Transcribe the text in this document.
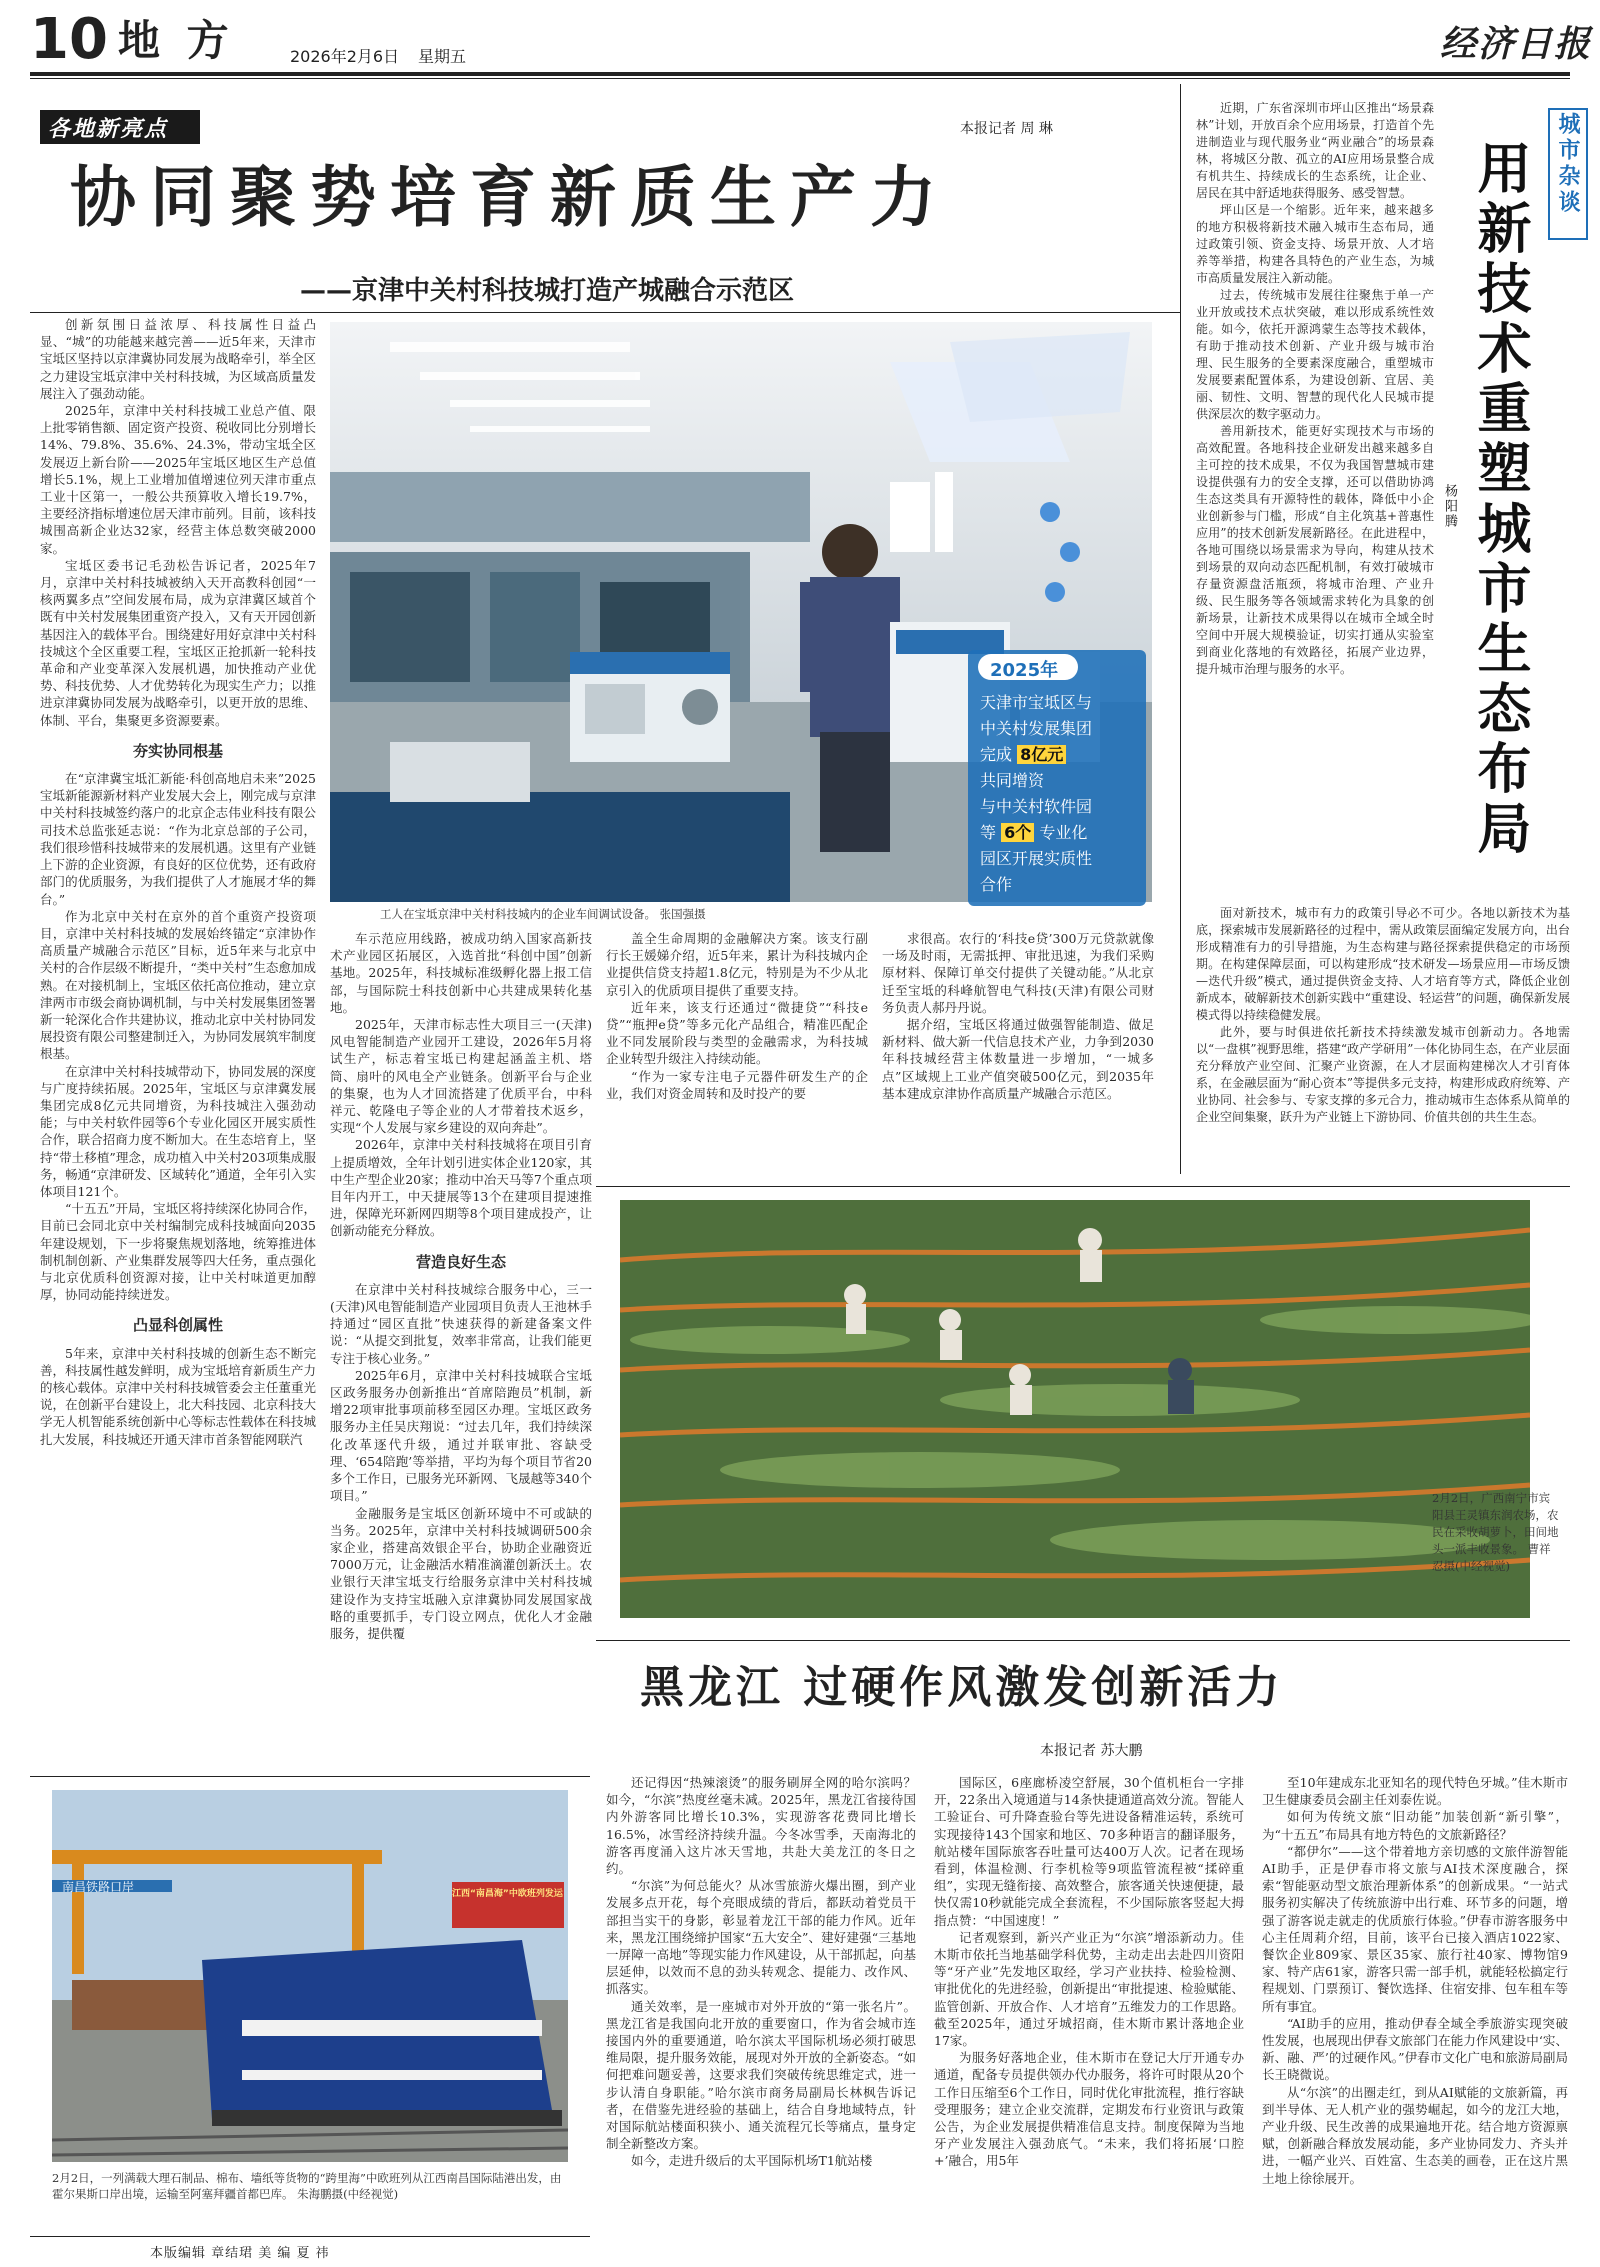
10 地 方	2026年2月6日 星期五	经济日报
各地新亮点	本报记者 周 琳
协同聚势培育新质生产力
——京津中关村科技城打造产城融合示范区

创新氛围日益浓厚、科技属性日益凸显、“城”的功能越来越完善——近5年来，天津市宝坻区坚持以京津冀协同发展为战略牵引，举全区之力建设宝坻京津中关村科技城，为区域高质量发展注入了强劲动能。

2025年，京津中关村科技城工业总产值、限上批零销售额、固定资产投资、税收同比分别增长14%、79.8%、35.6%、24.3%，带动宝坻全区发展迈上新台阶——2025年宝坻区地区生产总值增长5.1%，规上工业增加值增速位列天津市重点工业十区第一，一般公共预算收入增长19.7%，主要经济指标增速位居天津市前列。目前，该科技城围高新企业达32家，经营主体总数突破2000家。

宝坻区委书记毛劲松告诉记者，2025年7月，京津中关村科技城被纳入天开高教科创园“一核两翼多点”空间发展布局，成为京津冀区域首个既有中关村发展集团重资产投入，又有天开园创新基因注入的载体平台。围绕建好用好京津中关村科技城这个全区重要工程，宝坻区正抢抓新一轮科技革命和产业变革深入发展机遇，加快推动产业优势、科技优势、人才优势转化为现实生产力；以推进京津冀协同发展为战略牵引，以更开放的思维、体制、平台，集聚更多资源要素。

夯实协同根基

在“京津冀宝坻汇新能·科创高地启未来”2025宝坻新能源新材料产业发展大会上，刚完成与京津中关村科技城签约落户的北京企志伟业科技有限公司技术总监张延志说：“作为北京总部的子公司，我们很珍惜科技城带来的发展机遇。这里有产业链上下游的企业资源，有良好的区位优势，还有政府部门的优质服务，为我们提供了人才施展才华的舞台。”

作为北京中关村在京外的首个重资产投资项目，京津中关村科技城的发展始终锚定“京津协作高质量产城融合示范区”目标，近5年来与北京中关村的合作层级不断提升，“类中关村”生态愈加成熟。在对接机制上，宝坻区依托高位推动，建立京津两市市级会商协调机制，与中关村发展集团签署新一轮深化合作共建协议，推动北京中关村协同发展投资有限公司整建制迁入，为协同发展筑牢制度根基。

在京津中关村科技城带动下，协同发展的深度与广度持续拓展。2025年，宝坻区与京津冀发展集团完成8亿元共同增资，为科技城注入强劲动能；与中关村软件园等6个专业化园区开展实质性合作，联合招商力度不断加大。在生态培育上，坚持“带土移植”理念，成功植入中关村203项集成服务，畅通“京津研发、区域转化”通道，全年引入实体项目121个。

“十五五”开局，宝坻区将持续深化协同合作，目前已会同北京中关村编制完成科技城面向2035年建设规划，下一步将聚焦规划落地，统筹推进体制机制创新、产业集群发展等四大任务，重点强化与北京优质科创资源对接，让中关村味道更加醇厚，协同动能持续迸发。

凸显科创属性

5年来，京津中关村科技城的创新生态不断完善，科技属性越发鲜明，成为宝坻培育新质生产力的核心载体。京津中关村科技城管委会主任董重光说，在创新平台建设上，北大科技园、北京科技大学无人机智能系统创新中心等标志性载体在科技城扎大发展，科技城还开通天津市首条智能网联汽

2025年
天津市宝坻区与
中关村发展集团
完成 8亿元
共同增资
与中关村软件园
等 6个 专业化
园区开展实质性
合作
工人在宝坻京津中关村科技城内的企业车间调试设备。 张国强摄

车示范应用线路，被成功纳入国家高新技术产业园区拓展区，入选首批“科创中国”创新基地。2025年，科技城标准级孵化器上报工信部，与国际院士科技创新中心共建成果转化基地。

2025年，天津市标志性大项目三一(天津)风电智能制造产业园开工建设，2026年5月将试生产，标志着宝坻已构建起涵盖主机、塔筒、扇叶的风电全产业链条。创新平台与企业的集聚，也为人才回流搭建了优质平台，中科祥元、乾隆电子等企业的人才带着技术返乡，实现“个人发展与家乡建设的双向奔赴”。

2026年，京津中关村科技城将在项目引育上提质增效，全年计划引进实体企业120家，其中生产型企业20家；推动中冶天马等7个重点项目年内开工，中天捷展等13个在建项目提速推进，保障光环新网四期等8个项目建成投产，让创新动能充分释放。

营造良好生态

在京津中关村科技城综合服务中心，三一(天津)风电智能制造产业园项目负责人王池林手持通过“园区直批”快速获得的新建备案文件说：“从提交到批复，效率非常高，让我们能更专注于核心业务。”

2025年6月，京津中关村科技城联合宝坻区政务服务办创新推出“首席陪跑员”机制，新增22项审批事项前移至园区办理。宝坻区政务服务办主任吴庆翔说：“过去几年，我们持续深化改革逐代升级，通过并联审批、容缺受理、‘654陪跑’等举措，平均为每个项目节省20多个工作日，已服务光环新网、飞晟越等340个项目。”

金融服务是宝坻区创新环境中不可或缺的当务。2025年，京津中关村科技城调研500余家企业，搭建高效银企平台，协助企业融资近7000万元，让金融活水精准滴灌创新沃土。农业银行天津宝坻支行给服务京津中关村科技城建设作为支持宝坻融入京津冀协同发展国家战略的重要抓手，专门设立网点，优化人才金融服务，提供覆

盖全生命周期的金融解决方案。该支行副行长王媛娣介绍，近5年来，累计为科技城内企业提供信贷支持超1.8亿元，特别是为不少从北京引入的优质项目提供了重要支持。

近年来，该支行还通过“微捷贷”“科技e贷”“瓶押e贷”等多元化产品组合，精准匹配企业不同发展阶段与类型的金融需求，为科技城企业转型升级注入持续动能。

“作为一家专注电子元器件研发生产的企业，我们对资金周转和及时投产的要

求很高。农行的‘科技e贷’300万元贷款就像一场及时雨，无需抵押、审批迅速，为我们采购原材料、保障订单交付提供了关键动能。”从北京迁至宝坻的科峰航智电气科技(天津)有限公司财务负责人郝丹丹说。

据介绍，宝坻区将通过做强智能制造、做足新材料、做大新一代信息技术产业，力争到2030年科技城经营主体数量进一步增加，“一城多点”区域规上工业产值突破500亿元，到2035年基本建成京津协作高质量产城融合示范区。

近期，广东省深圳市坪山区推出“场景森林”计划，开放百余个应用场景，打造首个先进制造业与现代服务业“两业融合”的场景森林，将城区分散、孤立的AI应用场景整合成有机共生、持续成长的生态系统，让企业、居民在其中舒适地获得服务、感受智慧。

坪山区是一个缩影。近年来，越来越多的地方积极将新技术融入城市生态布局，通过政策引领、资金支持、场景开放、人才培养等举措，构建各具特色的产业生态，为城市高质量发展注入新动能。

过去，传统城市发展往往聚焦于单一产业开放或技术点状突破，难以形成系统性效能。如今，依托开源鸿蒙生态等技术载体，有助于推动技术创新、产业升级与城市治理、民生服务的全要素深度融合，重塑城市发展要素配置体系，为建设创新、宜居、美丽、韧性、文明、智慧的现代化人民城市提供深层次的数字驱动力。

善用新技术，能更好实现技术与市场的高效配置。各地科技企业研发出越来越多自主可控的技术成果，不仅为我国智慧城市建设提供强有力的安全支撑，还可以借助协鸿生态这类具有开源特性的载体，降低中小企业创新参与门槛，形成“自主化筑基+普惠性应用”的技术创新发展新路径。在此进程中，各地可围绕以场景需求为导向，构建从技术到场景的双向动态匹配机制，有效打破城市存量资源盘活瓶颈，将城市治理、产业升级、民生服务等各领域需求转化为具象的创新场景，让新技术成果得以在城市全域全时空间中开展大规模验证，切实打通从实验室到商业化落地的有效路径，拓展产业边界，提升城市治理与服务的水平。

城市杂谈
用新技术重塑城市生态布局
杨阳腾

面对新技术，城市有力的政策引导必不可少。各地以新技术为基底，探索城市发展新路径的过程中，需从政策层面编定发展方向，出台形成精准有力的引导措施，为生态构建与路径探索提供稳定的市场预期。在构建保障层面，可以构建形成“技术研发—场景应用—市场反馈—迭代升级”模式，通过提供资金支持、人才培育等方式，降低企业创新成本，破解新技术创新实践中“重建设、轻运营”的问题，确保新发展模式得以持续稳健发展。

此外，要与时俱进依托新技术持续激发城市创新动力。各地需以“一盘棋”视野思维，搭建“政产学研用”一体化协同生态，在产业层面充分释放产业空间、汇聚产业资源，在人才层面构建梯次人才引育体系，在金融层面为“耐心资本”等提供多元支持，构建形成政府统筹、产业协同、社会参与、专家支撑的多元合力，推动城市生态体系从简单的企业空间集聚，跃升为产业链上下游协同、价值共创的共生生态。

2月2日，广西南宁市宾阳县王灵镇东润农场，农民在采收胡萝卜，田间地头一派丰收景象。 曹祥忍摄(中经视觉)
黑龙江 过硬作风激发创新活力
本报记者 苏大鹏

还记得因“热辣滚烫”的服务刷屏全网的哈尔滨吗？如今，“尔滨”热度丝毫未减。2025年，黑龙江省接待国内外游客同比增长10.3%，实现游客花费同比增长16.5%，冰雪经济持续升温。今冬冰雪季，天南海北的游客再度涌入这片冰天雪地，共赴大美龙江的冬日之约。

“尔滨”为何总能火？从冰雪旅游火爆出圈，到产业发展多点开花，每个亮眼成绩的背后，都跃动着党员干部担当实干的身影，彰显着龙江干部的能力作风。近年来，黑龙江围绕缔护国家“五大安全”、建好建强“三基地一屏障一高地”等现实能力作风建设，从干部抓起，向基层延伸，以效而不息的劲头转观念、提能力、改作风、抓落实。

通关效率，是一座城市对外开放的“第一张名片”。黑龙江省是我国向北开放的重要窗口，作为省会城市连接国内外的重要通道，哈尔滨太平国际机场必须打破思维局限，提升服务效能，展现对外开放的全新姿态。“如何把难问题妥善，这要求我们突破传统思维定式，进一步认清自身职能。”哈尔滨市商务局副局长林枫告诉记者，在借鉴先进经验的基础上，结合自身地域特点，针对国际航站楼面积狭小、通关流程冗长等痛点，量身定制全新整改方案。

如今，走进升级后的太平国际机场T1航站楼

国际区，6座廊桥凌空舒展，30个值机柜台一字排开，22条出入境通道与14条快捷通道高效分流。智能人工验证台、可升降查验台等先进设备精准运转，系统可实现接待143个国家和地区、70多种语言的翻译服务，航站楼年国际旅客吞吐量可达400万人次。记者在现场看到，体温检测、行李机检等9项监管流程被“揉碎重组”，实现无缝衔接、高效整合，旅客通关快速便捷，最快仅需10秒就能完成全套流程，不少国际旅客竖起大拇指点赞：“中国速度！”

记者观察到，新兴产业正为“尔滨”增添新动力。佳木斯市依托当地基础学科优势，主动走出去赴四川资阳等“牙产业”先发地区取经，学习产业扶持、检验检测、审批优化的先进经验，创新提出“审批提速、检验赋能、监管创新、开放合作、人才培育”五维发力的工作思路。截至2025年，通过牙城招商，佳木斯市累计落地企业17家。

为服务好落地企业，佳木斯市在登记大厅开通专办通道，配备专员提供领办代办服务，将许可时限从20个工作日压缩至6个工作日，同时优化审批流程，推行容缺受理服务；建立企业交流群，定期发布行业资讯与政策公告，为企业发展提供精准信息支持。制度保障为当地牙产业发展注入强劲底气。“未来，我们将拓展‘口腔+’融合，用5年

至10年建成东北亚知名的现代特色牙城。”佳木斯市卫生健康委员会副主任刘泰佐说。

如何为传统文旅“旧动能”加装创新“新引擎”，为“十五五”布局具有地方特色的文旅新路径？

“都伊尔”——这个带着地方亲切感的文旅伴游智能AI助手，正是伊春市将文旅与AI技术深度融合，探索“智能驱动型文旅治理新体系”的创新成果。“一站式服务初实解决了传统旅游中出行难、环节多的问题，增强了游客说走就走的优质旅行体验。”伊春市游客服务中心主任周莉介绍，目前，该平台已接入酒店1022家、餐饮企业809家、景区35家、旅行社40家、博物馆9家、特产店61家，游客只需一部手机，就能轻松搞定行程规划、门票预订、餐饮选择、住宿安排、包车租车等所有事宜。

“AI助手的应用，推动伊春全域全季旅游实现突破性发展，也展现出伊春文旅部门在能力作风建设中‘实、新、融、严’的过硬作风。”伊春市文化广电和旅游局副局长王晓微说。

从“尔滨”的出圈走红，到从AI赋能的文旅新篇，再到半导体、无人机产业的强势崛起，如今的龙江大地，产业升级、民生改善的成果遍地开花。结合地方资源禀赋，创新融合释放发展动能，多产业协同发力、齐头并进，一幅产业兴、百姓富、生态美的画卷，正在这片黑土地上徐徐展开。

南昌铁路口岸	江西“南昌海”中欧班列发运
2月2日，一列满载大理石制品、棉布、墙纸等货物的“跨里海”中欧班列从江西南昌国际陆港出发，由霍尔果斯口岸出境，运输至阿塞拜疆首都巴库。 朱海鹏摄(中经视觉)
本版编辑 章结珺 美 编 夏 祎
